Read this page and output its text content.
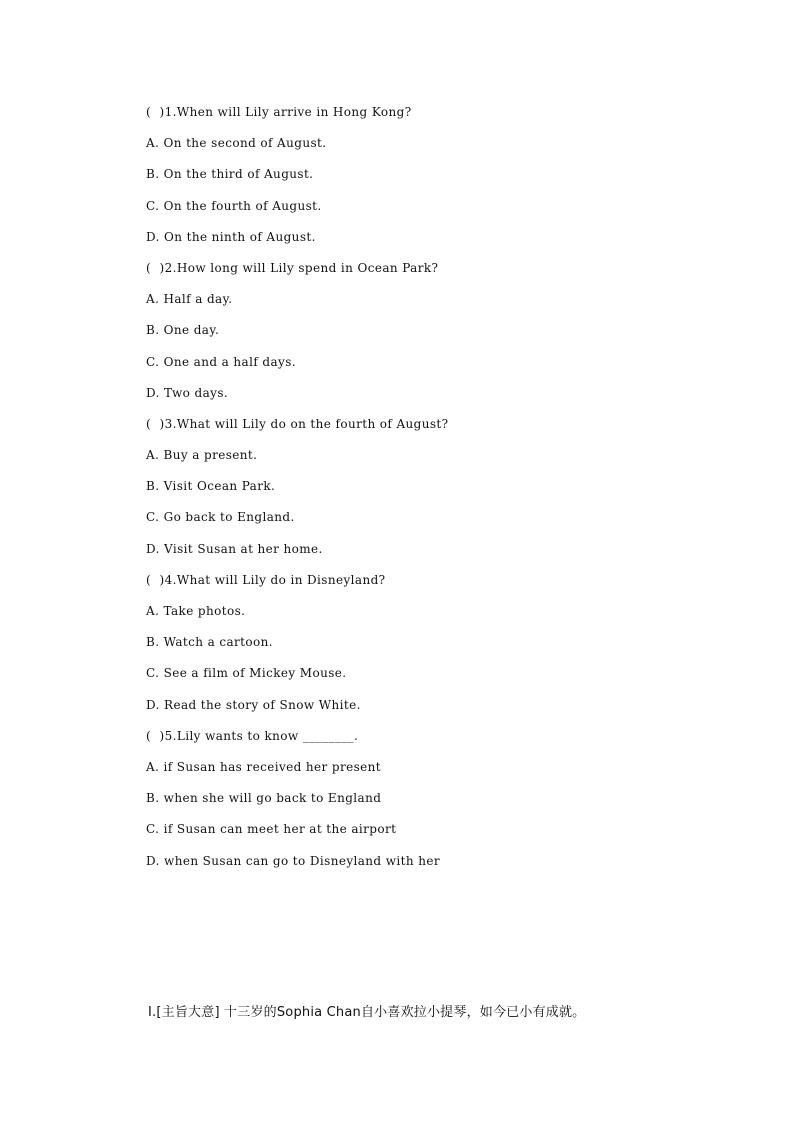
(  )1.When will Lily arrive in Hong Kong?
A. On the second of August.
B. On the third of August.
C. On the fourth of August.
D. On the ninth of August.
(  )2.How long will Lily spend in Ocean Park?
A. Half a day.
B. One day.
C. One and a half days.
D. Two days.
(  )3.What will Lily do on the fourth of August?
A. Buy a present.
B. Visit Ocean Park.
C. Go back to England.
D. Visit Susan at her home.
(  )4.What will Lily do in Disneyland?
A. Take photos.
B. Watch a cartoon.
C. See a film of Mickey Mouse.
D. Read the story of Snow White.
(  )5.Lily wants to know ________.
A. if Susan has received her present
B. when she will go back to England
C. if Susan can meet her at the airport
D. when Susan can go to Disneyland with her
Ⅰ.[主旨大意] 十三岁的Sophia Chan自小喜欢拉小提琴，如今已小有成就。
